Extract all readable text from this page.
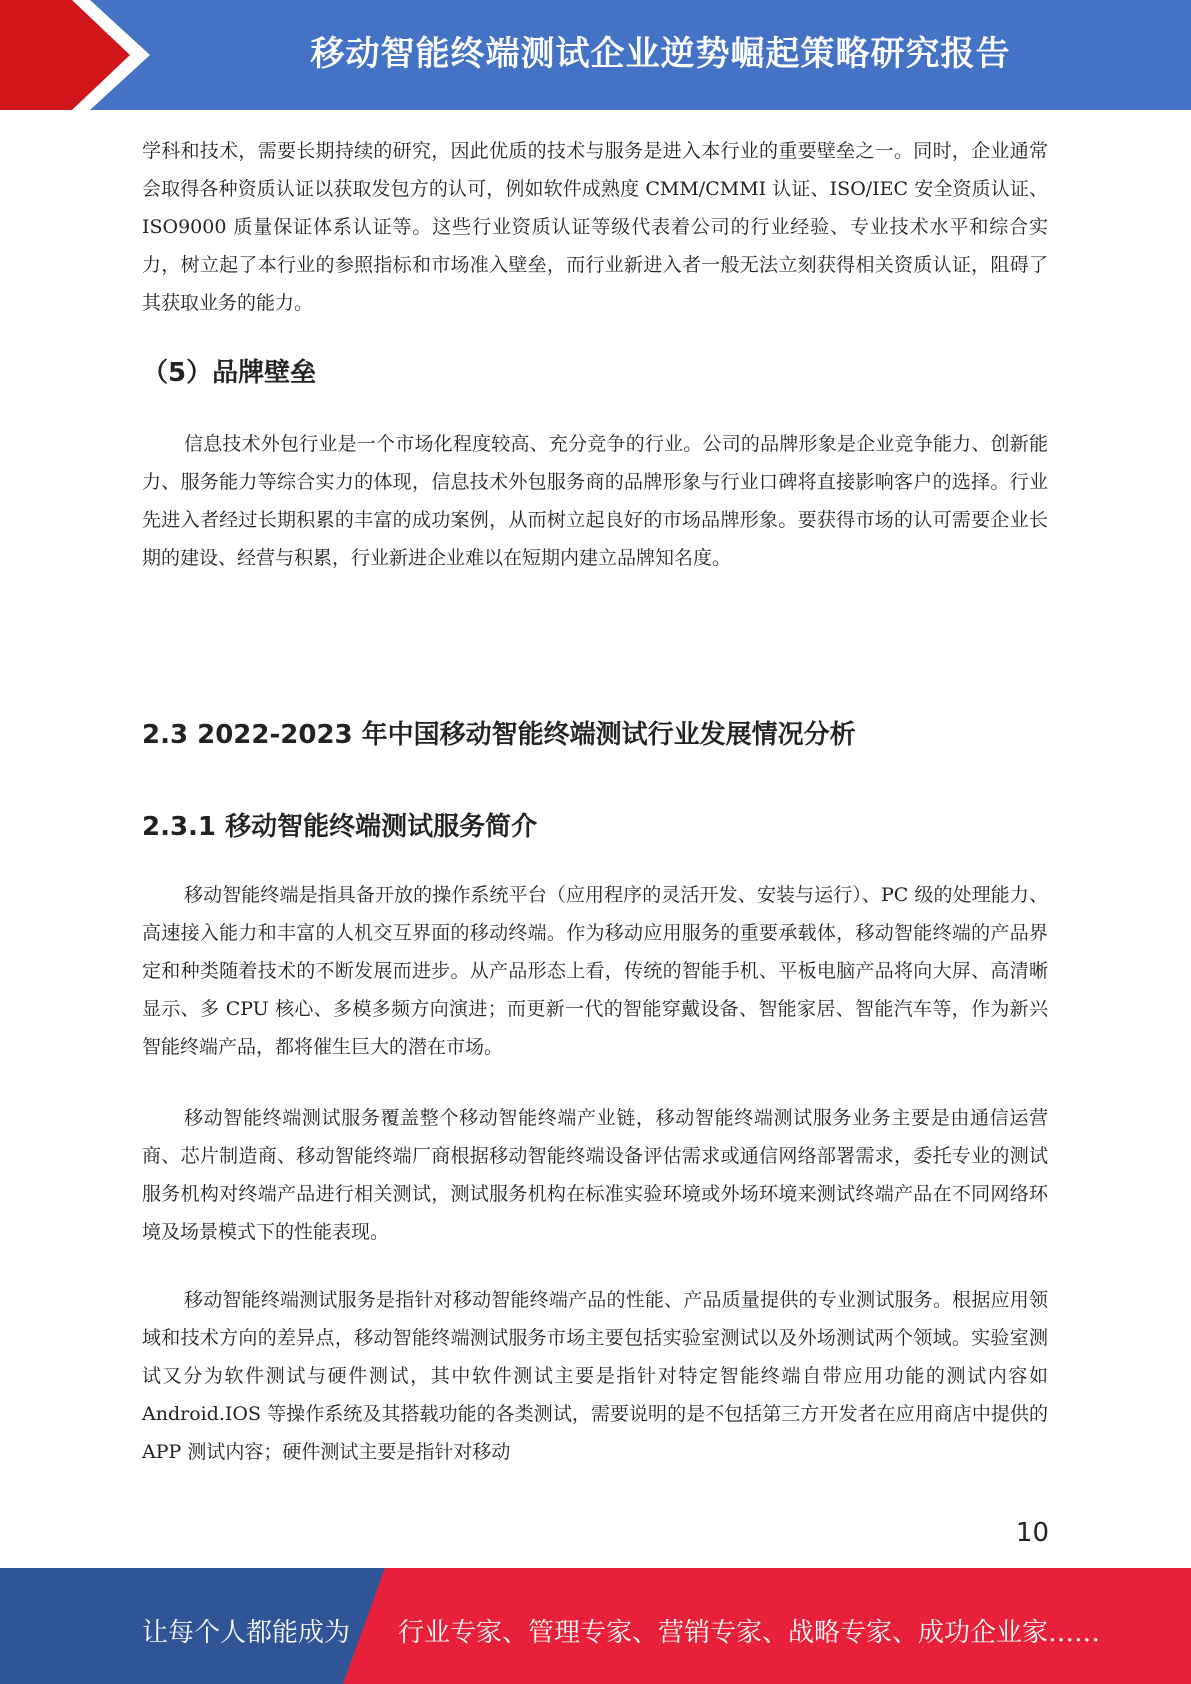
移动智能终端测试企业逆势崛起策略研究报告

学科和技术，需要长期持续的研究，因此优质的技术与服务是进入本行业的重要壁垒之一。同时，企业通常会取得各种资质认证以获取发包方的认可，例如软件成熟度 CMM/CMMI 认证、ISO/IEC 安全资质认证、ISO9000 质量保证体系认证等。这些行业资质认证等级代表着公司的行业经验、专业技术水平和综合实力，树立起了本行业的参照指标和市场准入壁垒，而行业新进入者一般无法立刻获得相关资质认证，阻碍了其获取业务的能力。

（5）品牌壁垒

信息技术外包行业是一个市场化程度较高、充分竞争的行业。公司的品牌形象是企业竞争能力、创新能力、服务能力等综合实力的体现，信息技术外包服务商的品牌形象与行业口碑将直接影响客户的选择。行业先进入者经过长期积累的丰富的成功案例，从而树立起良好的市场品牌形象。要获得市场的认可需要企业长期的建设、经营与积累，行业新进企业难以在短期内建立品牌知名度。

2.3 2022-2023 年中国移动智能终端测试行业发展情况分析
2.3.1 移动智能终端测试服务简介

移动智能终端是指具备开放的操作系统平台（应用程序的灵活开发、安装与运行）、PC 级的处理能力、高速接入能力和丰富的人机交互界面的移动终端。作为移动应用服务的重要承载体，移动智能终端的产品界定和种类随着技术的不断发展而进步。从产品形态上看，传统的智能手机、平板电脑产品将向大屏、高清晰显示、多 CPU 核心、多模多频方向演进；而更新一代的智能穿戴设备、智能家居、智能汽车等，作为新兴智能终端产品，都将催生巨大的潜在市场。

移动智能终端测试服务覆盖整个移动智能终端产业链，移动智能终端测试服务业务主要是由通信运营商、芯片制造商、移动智能终端厂商根据移动智能终端设备评估需求或通信网络部署需求，委托专业的测试服务机构对终端产品进行相关测试，测试服务机构在标准实验环境或外场环境来测试终端产品在不同网络环境及场景模式下的性能表现。

移动智能终端测试服务是指针对移动智能终端产品的性能、产品质量提供的专业测试服务。根据应用领域和技术方向的差异点，移动智能终端测试服务市场主要包括实验室测试以及外场测试两个领域。实验室测试又分为软件测试与硬件测试，其中软件测试主要是指针对特定智能终端自带应用功能的测试内容如 Android.IOS 等操作系统及其搭载功能的各类测试，需要说明的是不包括第三方开发者在应用商店中提供的 APP 测试内容；硬件测试主要是指针对移动

10
让每个人都能成为 行业专家、管理专家、营销专家、战略专家、成功企业家……
